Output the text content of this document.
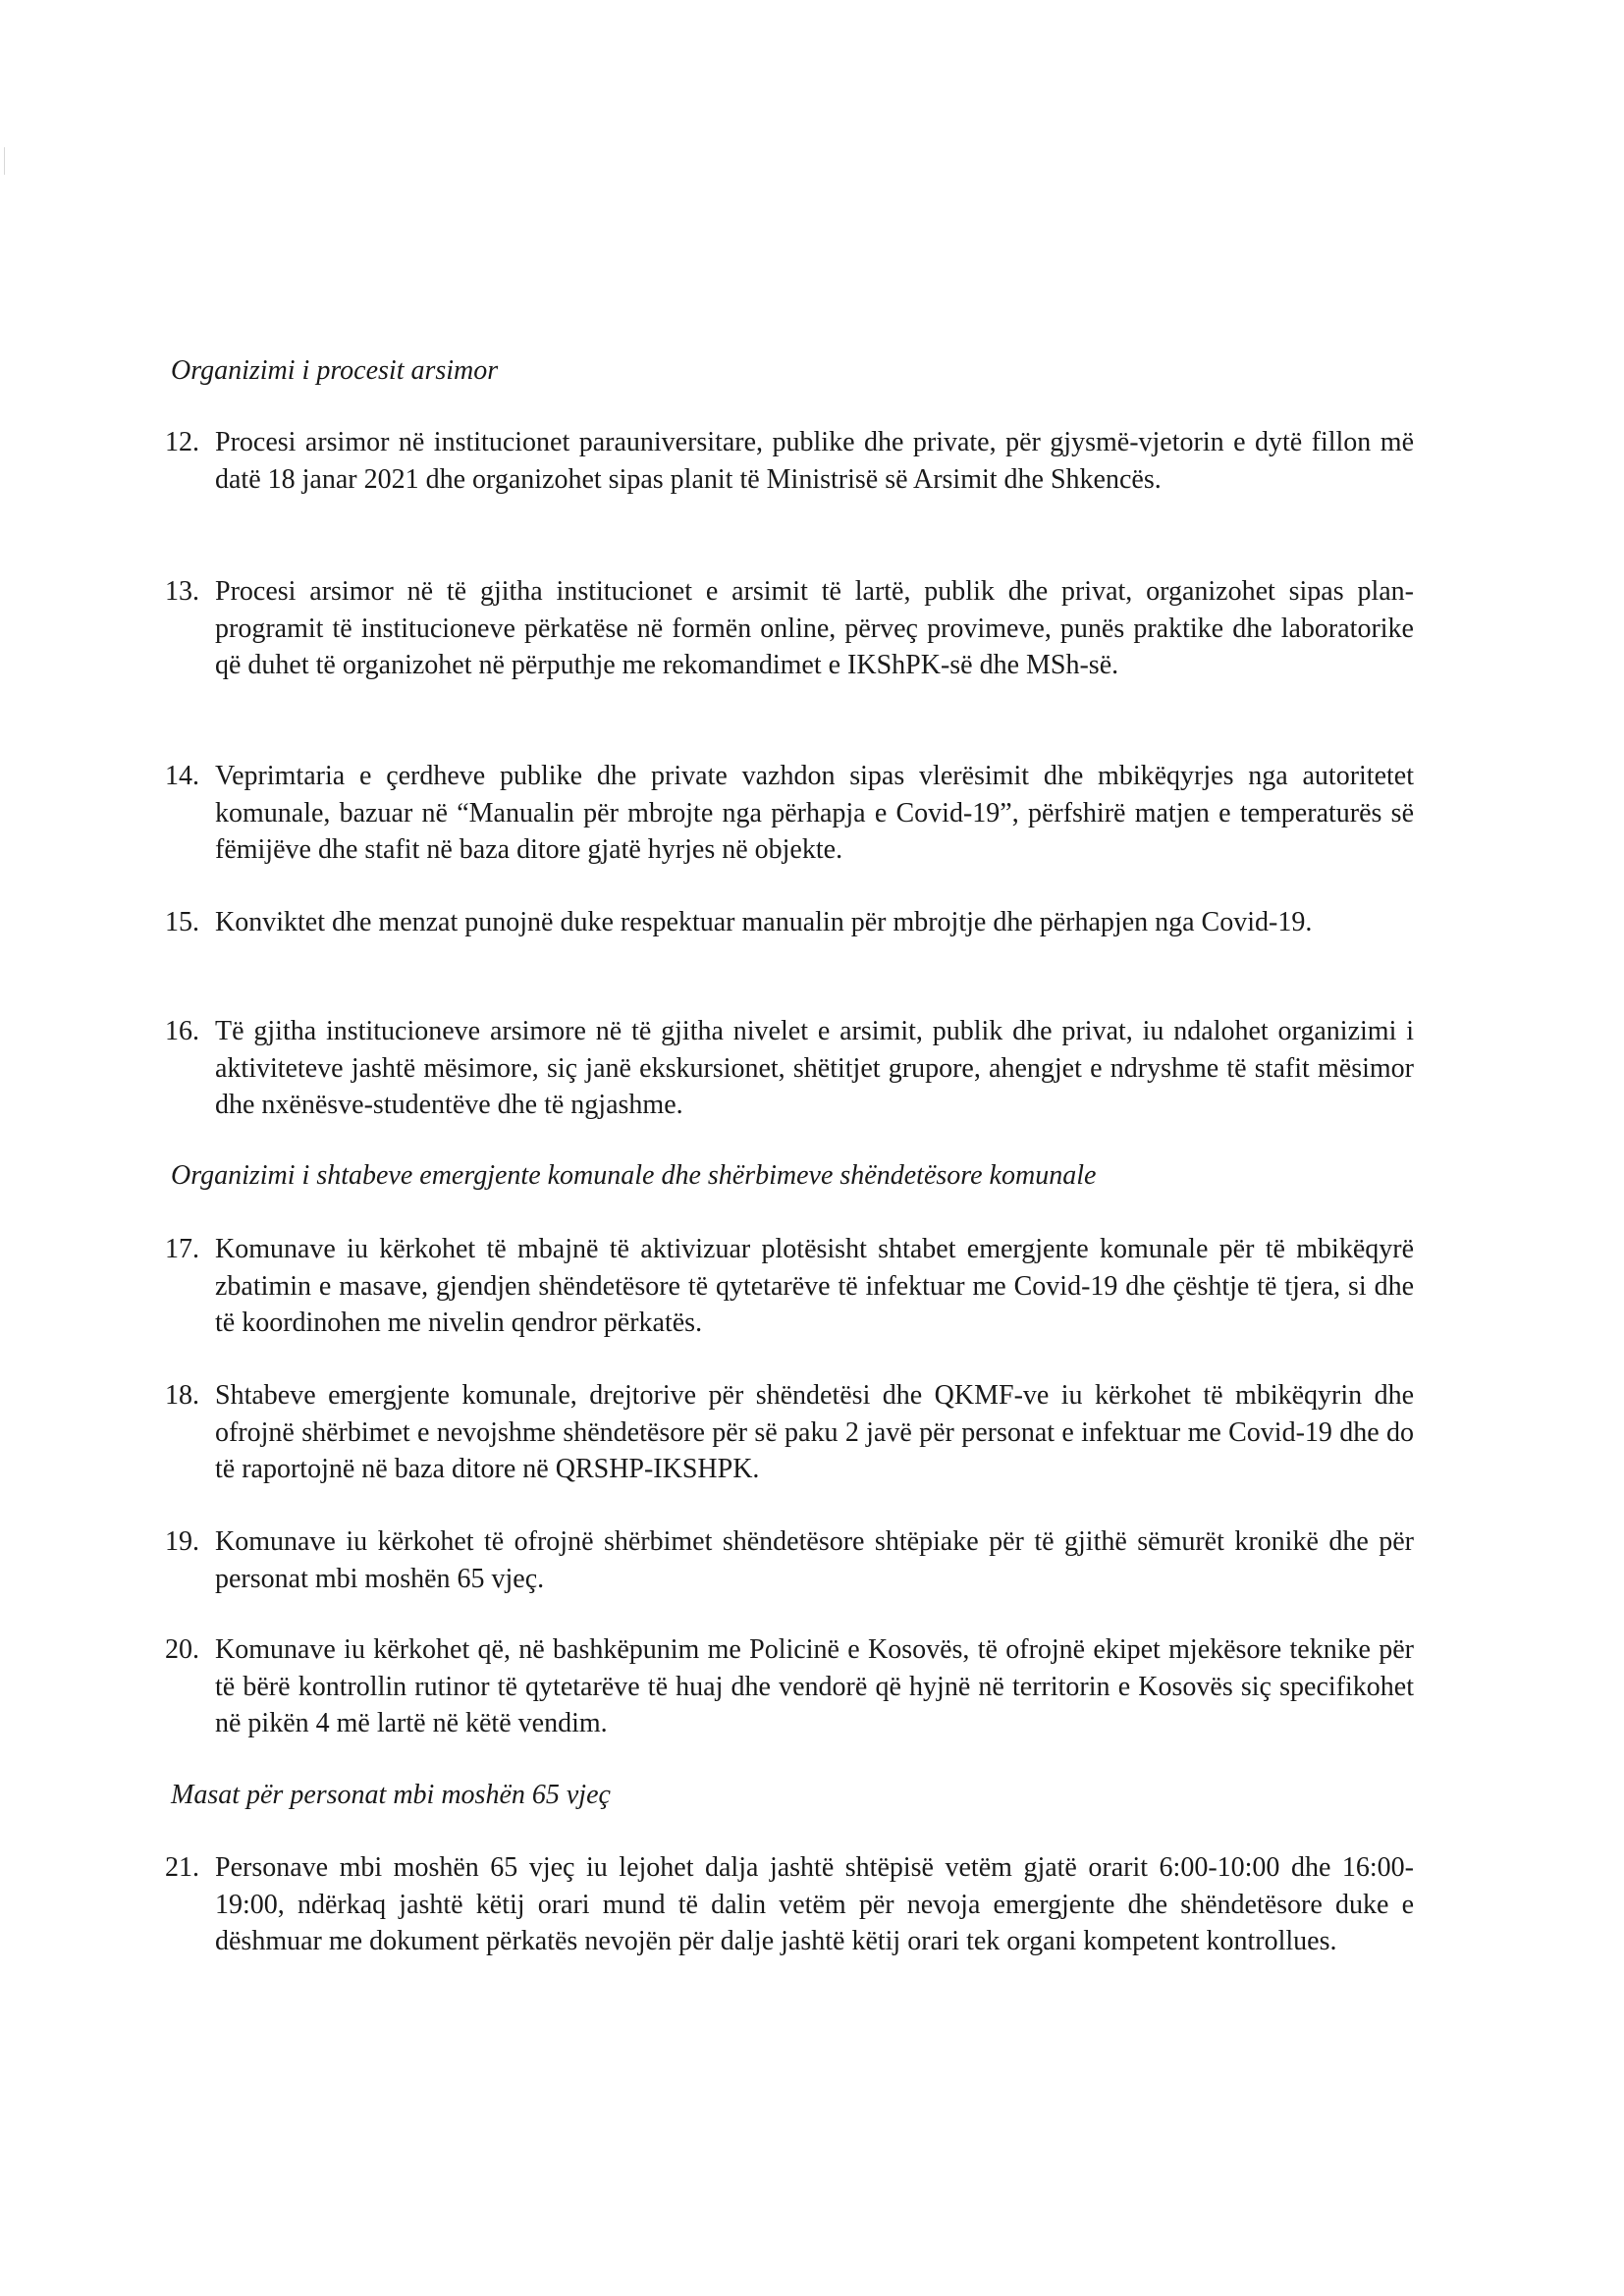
Organizimi i procesit arsimor
12. Procesi arsimor në institucionet parauniversitare, publike dhe private, për gjysmë-vjetorin e dytë fillon më datë 18 janar 2021 dhe organizohet sipas planit të Ministrisë së Arsimit dhe Shkencës.
13. Procesi arsimor në të gjitha institucionet e arsimit të lartë, publik dhe privat, organizohet sipas plan-programit të institucioneve përkatëse në formën online, përveç provimeve, punës praktike dhe laboratorike që duhet të organizohet në përputhje me rekomandimet e IKShPK-së dhe MSh-së.
14. Veprimtaria e çerdheve publike dhe private vazhdon sipas vlerësimit dhe mbikëqyrjes nga autoritetet komunale, bazuar në “Manualin për mbrojte nga përhapja e Covid-19”, përfshirë matjen e temperaturës së fëmijëve dhe stafit në baza ditore gjatë hyrjes në objekte.
15. Konviktet dhe menzat punojnë duke respektuar manualin për mbrojtje dhe përhapjen nga Covid-19.
16. Të gjitha institucioneve arsimore në të gjitha nivelet e arsimit, publik dhe privat, iu ndalohet organizimi i aktiviteteve jashtë mësimore, siç janë ekskursionet, shëtitjet grupore, ahengjet e ndryshme të stafit mësimor dhe nxënësve-studentëve dhe të ngjashme.
Organizimi i shtabeve emergjente komunale dhe shërbimeve shëndetësore komunale
17. Komunave iu kërkohet të mbajnë të aktivizuar plotësisht shtabet emergjente komunale për të mbikëqyrë zbatimin e masave, gjendjen shëndetësore të qytetarëve të infektuar me Covid-19 dhe çështje të tjera, si dhe të koordinohen me nivelin qendror përkatës.
18. Shtabeve emergjente komunale, drejtorive për shëndetësi dhe QKMF-ve iu kërkohet të mbikëqyrin dhe ofrojnë shërbimet e nevojshme shëndetësore për së paku 2 javë për personat e infektuar me Covid-19 dhe do të raportojnë në baza ditore në QRSHP-IKSHPK.
19. Komunave iu kërkohet të ofrojnë shërbimet shëndetësore shtëpiake për të gjithë sëmurët kronikë dhe për personat mbi moshën 65 vjeç.
20. Komunave iu kërkohet që, në bashkëpunim me Policinë e Kosovës, të ofrojnë ekipet mjekësore teknike për të bërë kontrollin rutinor të qytetarëve të huaj dhe vendorë që hyjnë në territorin e Kosovës siç specifikohet në pikën 4 më lartë në këtë vendim.
Masat për personat mbi moshën 65 vjeç
21. Personave mbi moshën 65 vjeç iu lejohet dalja jashtë shtëpisë vetëm gjatë orarit 6:00-10:00 dhe 16:00-19:00, ndërkaq jashtë këtij orari mund të dalin vetëm për nevoja emergjente dhe shëndetësore duke e dëshmuar me dokument përkatës nevojën për dalje jashtë këtij orari tek organi kompetent kontrollues.
